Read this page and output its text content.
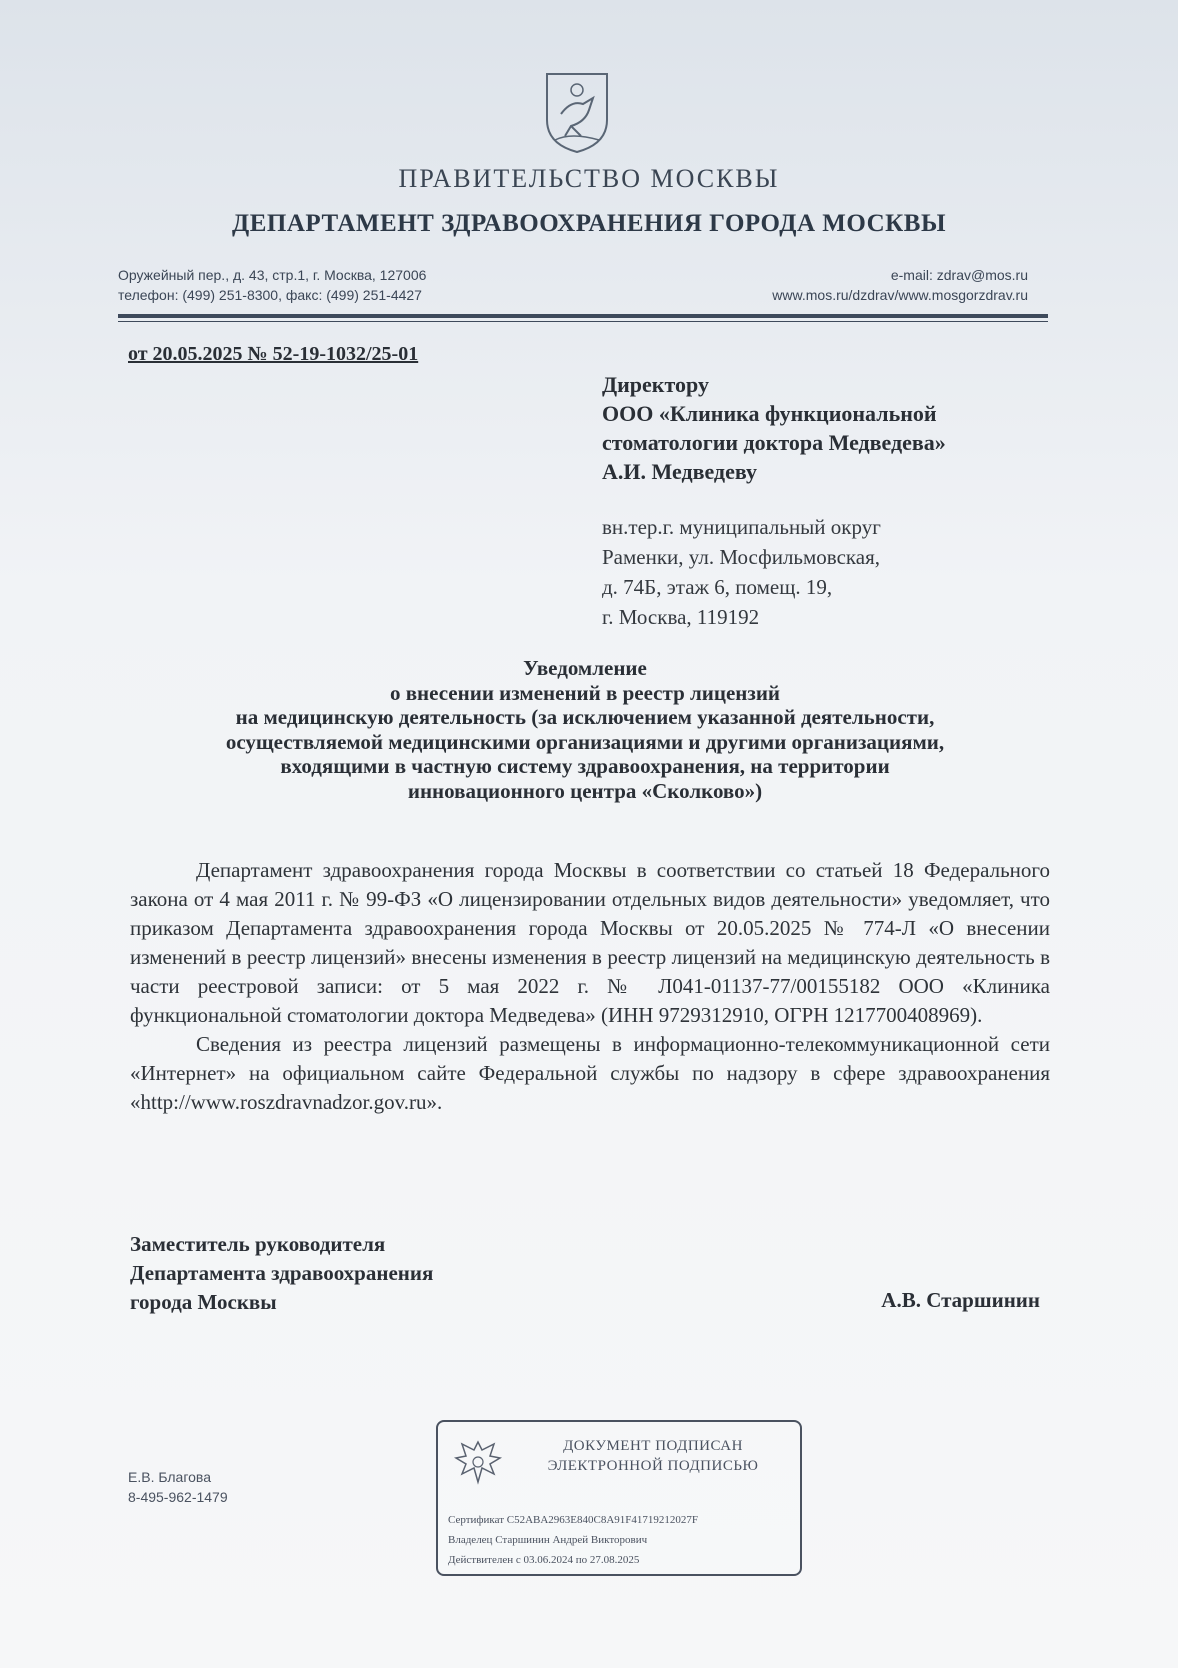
ПРАВИТЕЛЬСТВО МОСКВЫ
ДЕПАРТАМЕНТ ЗДРАВООХРАНЕНИЯ ГОРОДА МОСКВЫ
Оружейный пер., д. 43, стр.1, г. Москва, 127006
телефон: (499) 251-8300, факс: (499) 251-4427
e-mail: zdrav@mos.ru
www.mos.ru/dzdrav/www.mosgorzdrav.ru
от 20.05.2025 № 52-19-1032/25-01
Директору
ООО «Клиника функциональной
стоматологии доктора Медведева»
А.И. Медведеву
вн.тер.г. муниципальный округ
Раменки, ул. Мосфильмовская,
д. 74Б, этаж 6, помещ. 19,
г. Москва, 119192
Уведомление
о внесении изменений в реестр лицензий
на медицинскую деятельность (за исключением указанной деятельности,
осуществляемой медицинскими организациями и другими организациями,
входящими в частную систему здравоохранения, на территории
инновационного центра «Сколково»)

Департамент здравоохранения города Москвы в соответствии со статьей 18 Федерального закона от 4 мая 2011 г. № 99-ФЗ «О лицензировании отдельных видов деятельности» уведомляет, что приказом Департамента здравоохранения города Москвы от 20.05.2025 № 774-Л «О внесении изменений в реестр лицензий» внесены изменения в реестр лицензий на медицинскую деятельность в части реестровой записи: от 5 мая 2022 г. № Л041-01137-77/00155182 ООО «Клиника функциональной стоматологии доктора Медведева» (ИНН 9729312910, ОГРН 1217700408969).

Сведения из реестра лицензий размещены в информационно-телекоммуникационной сети «Интернет» на официальном сайте Федеральной службы по надзору в сфере здравоохранения «http://www.roszdravnadzor.gov.ru».

Заместитель руководителя
Департамента здравоохранения
города Москвы	А.В. Старшинин
Е.В. Благова
8-495-962-1479
ДОКУМЕНТ ПОДПИСАН
ЭЛЕКТРОННОЙ ПОДПИСЬЮ
Сертификат C52ABA2963E840C8A91F41719212027F
Владелец Старшинин Андрей Викторович
Действителен с 03.06.2024 по 27.08.2025
